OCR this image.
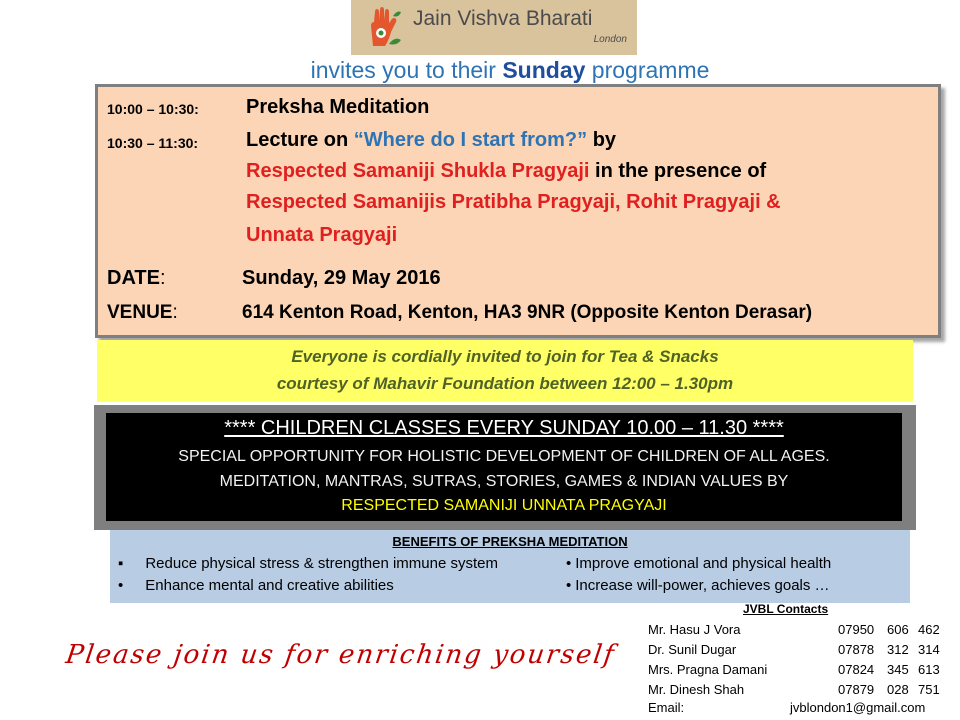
Jain Vishva Bharati
London
invites you to their Sunday programme
10:00 – 10:30: Preksha Meditation
10:30 – 11:30: Lecture on “Where do I start from?” by
Respected Samaniji Shukla Pragyaji in the presence of
Respected Samanijis Pratibha Pragyaji, Rohit Pragyaji &
Unnata Pragyaji
DATE:	Sunday, 29 May 2016
VENUE:	614 Kenton Road, Kenton, HA3 9NR (Opposite Kenton Derasar)
Everyone is cordially invited to join for Tea & Snacks
courtesy of Mahavir Foundation between 12:00 – 1.30pm
**** CHILDREN CLASSES EVERY SUNDAY 10.00 – 11.30 ****
SPECIAL OPPORTUNITY FOR HOLISTIC DEVELOPMENT OF CHILDREN OF ALL AGES.
MEDITATION, MANTRAS, SUTRAS, STORIES, GAMES & INDIAN VALUES BY
RESPECTED SAMANIJI UNNATA PRAGYAJI
BENEFITS OF PREKSHA MEDITATION
▪ Reduce physical stress & strengthen immune system
• Enhance mental and creative abilities
• Improve emotional and physical health
• Increase will-power, achieves goals …
Please join us for enriching yourself
JVBL Contacts
Mr. Hasu J Vora	07950 606 462
Dr. Sunil Dugar	07878 312 314
Mrs. Pragna Damani	07824 345 613
Mr. Dinesh Shah	07879 028 751
Email:	jvblondon1@gmail.com
